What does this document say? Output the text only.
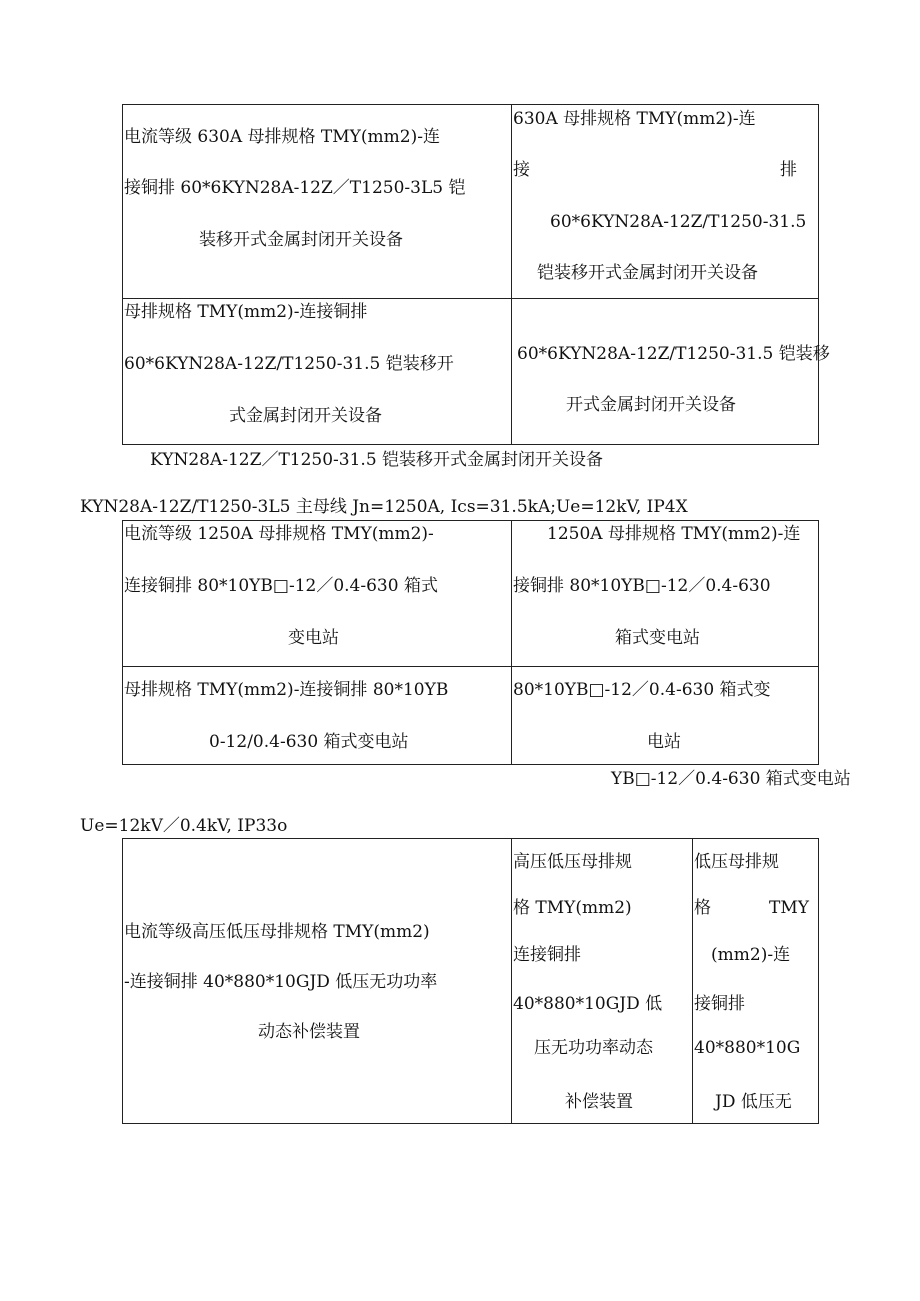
电流等级 630A 母排规格 TMY(mm2)-连
接铜排 60*6KYN28A-12Z／T1250-3L5 铠
装移开式金属封闭开关设备
630A 母排规格 TMY(mm2)-连
接	排
60*6KYN28A-12Z/T1250-31.5
铠装移开式金属封闭开关设备
母排规格 TMY(mm2)-连接铜排
60*6KYN28A-12Z/T1250-31.5 铠装移开
式金属封闭开关设备
60*6KYN28A-12Z/T1250-31.5 铠装移
开式金属封闭开关设备
KYN28A-12Z／T1250-31.5 铠装移开式金属封闭开关设备
KYN28A-12Z/T1250-3L5 主母线 Jn=1250A, Ics=31.5kA;Ue=12kV, IP4X
电流等级 1250A 母排规格 TMY(mm2)-
连接铜排 80*10YB□-12／0.4-630 箱式
变电站
1250A 母排规格 TMY(mm2)-连
接铜排 80*10YB□-12／0.4-630
箱式变电站
母排规格 TMY(mm2)-连接铜排 80*10YB
0-12/0.4-630 箱式变电站
80*10YB□-12／0.4-630 箱式变
电站
YB□-12／0.4-630 箱式变电站
Ue=12kV／0.4kV, IP33o
电流等级高压低压母排规格 TMY(mm2)
-连接铜排 40*880*10GJD 低压无功功率
动态补偿装置
高压低压母排规
格 TMY(mm2)
连接铜排
40*880*10GJD 低
压无功功率动态
补偿装置
低压母排规
格	TMY
(mm2)-连
接铜排
40*880*10G
JD 低压无
